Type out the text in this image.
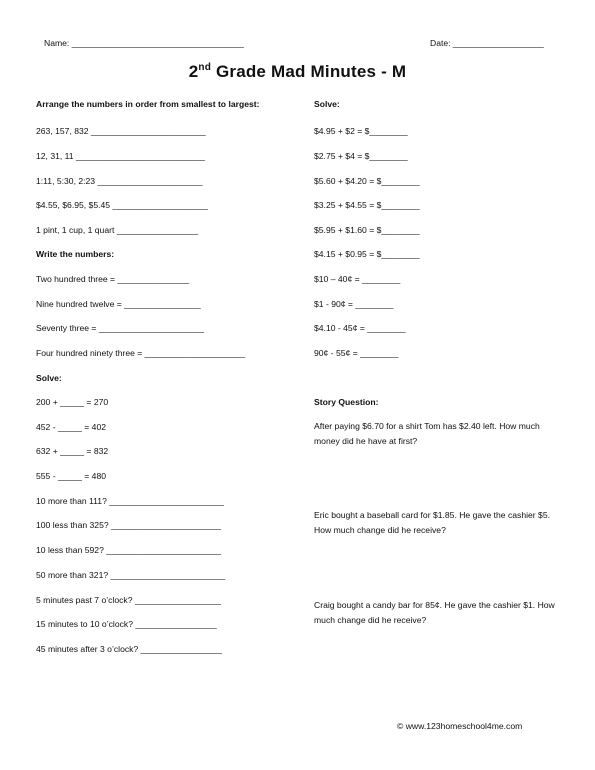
Name: ____________________________________	Date: ___________________
2nd Grade Mad Minutes - M
Arrange the numbers in order from smallest to largest:
263, 157, 832 ________________________
12, 31, 11 ___________________________
1:11, 5:30, 2:23 ______________________
$4.55, $6.95, $5.45 ____________________
1 pint, 1 cup, 1 quart _________________
Write the numbers:
Two hundred three = _______________
Nine hundred twelve = ________________
Seventy three = ______________________
Four hundred ninety three = _____________________
Solve:
200 + _____ = 270
452 - _____ = 402
632 + _____ = 832
555 - _____ = 480
10 more than 111? ________________________
100 less than 325? _______________________
10 less than 592? ________________________
50 more than 321? ________________________
5 minutes past 7 o’clock? __________________
15 minutes to 10 o’clock? _________________
45 minutes after 3 o’clock? _________________
Solve:
$4.95 + $2 = $________
$2.75 + $4 = $________
$5.60 + $4.20 = $________
$3.25 + $4.55 = $________
$5.95 + $1.60 = $________
$4.15 + $0.95 = $________
$10 – 40¢ = ________
$1 - 90¢ = ________
$4.10 - 45¢ = ________
90¢ - 55¢ = ________
Story Question:
After paying $6.70 for a shirt Tom has $2.40 left. How much money did he have at first?
Eric bought a baseball card for $1.85. He gave the cashier $5. How much change did he receive?
Craig bought a candy bar for 85¢. He gave the cashier $1. How much change did he receive?
© www.123homeschool4me.com
